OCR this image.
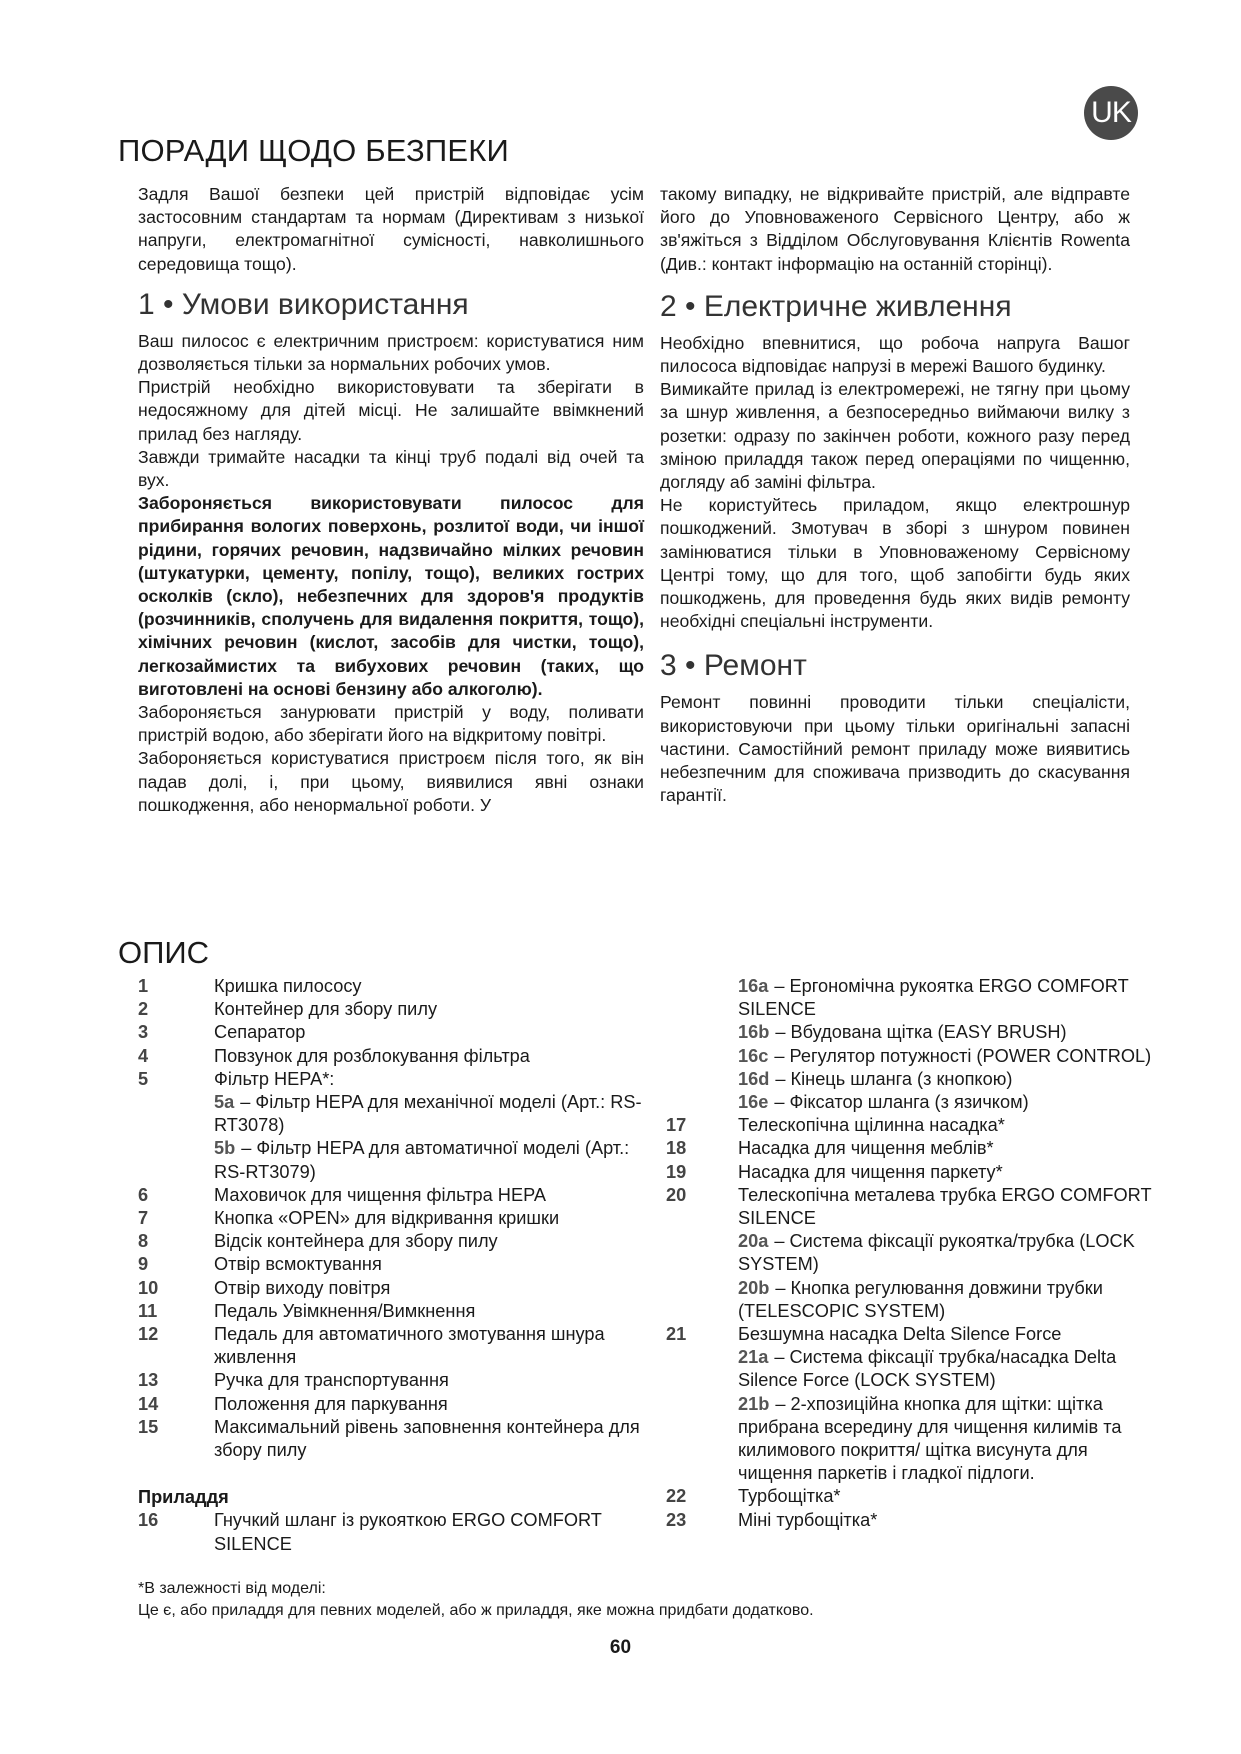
UK
ПОРАДИ ЩОДО БЕЗПЕКИ

Задля Вашої безпеки цей пристрій відповідає усім застосовним стандартам та нормам (Директивам з низької напруги, електромагнітної сумісності, навколишнього середовища тощо).

1 • Умови використання

Ваш пилосос є електричним пристроєм: користуватися ним дозволяється тільки за нормальних робочих умов.

Пристрій необхідно використовувати та зберігати в недосяжному для дітей місці. Не залишайте ввімкнений прилад без нагляду.

Завжди тримайте насадки та кінці труб подалі від очей та вух.

Забороняється використовувати пилосос для прибирання вологих поверхонь, розлитої води, чи іншої рідини, горячих речовин, надзвичайно мілких речовин (штукатурки, цементу, попілу, тощо), великих гострих осколків (скло), небезпечних для здоров'я продуктів (розчинників, сполучень для видалення покриття, тощо), хімічних речовин (кислот, засобів для чистки, тощо), легкозаймистих та вибухових речовин (таких, що виготовлені на основі бензину або алкоголю).

Забороняється занурювати пристрій у воду, поливати пристрій водою, або зберігати його на відкритому повітрі.

Забороняється користуватися пристроєм після того, як він падав долі, і, при цьому, виявилися явні ознаки пошкодження, або ненормальної роботи. У

такому випадку, не відкривайте пристрій, але відправте його до Уповноваженого Сервісного Центру, або ж зв'яжіться з Відділом Обслуговування Клієнтів Rowenta (Див.: контакт інформацію на останній сторінці).

2 • Електричне живлення

Необхідно впевнитися, що робоча напруга Вашог пилососа відповідає напрузі в мережі Вашого будинку.

Вимикайте прилад із електромережі, не тягну при цьому за шнур живлення, а безпосередньо виймаючи вилку з розетки: одразу по закінчен роботи, кожного разу перед зміною приладдя також перед операціями по чищенню, догляду аб заміні фільтра.

Не користуйтесь приладом, якщо електрошнур пошкоджений. Змотувач в зборі з шнуром повинен замінюватися тільки в Уповноваженому Сервісному Центрі тому, що для того, щоб запобігти будь яких пошкоджень, для проведення будь яких видів ремонту необхідні спеціальні інструменти.

3 • Ремонт

Ремонт повинні проводити тільки спеціалісти, використовуючи при цьому тільки оригінальні запасні частини. Самостійний ремонт приладу може виявитись небезпечним для споживача призводить до скасування гарантії.

ОПИС
1	Кришка пилососу
2	Контейнер для збору пилу
3	Сепаратор
4	Повзунок для розблокування фільтра
5	Фільтр HEPA*:
5a – Фільтр HEPA для механічної моделі (Арт.: RS-RT3078)
5b – Фільтр HEPA для автоматичної моделі (Арт.: RS-RT3079)
6	Маховичок для чищення фільтра HEPA
7	Кнопка «OPEN» для відкривання кришки
8	Відсік контейнера для збору пилу
9	Отвір всмоктування
10	Отвір виходу повітря
11	Педаль Увімкнення/Вимкнення
12	Педаль для автоматичного змотування шнура живлення
13	Ручка для транспортування
14	Положення для паркування
15	Максимальний рівень заповнення контейнера для збору пилу
Приладдя
16	Гнучкий шланг із рукояткою ERGO COMFORT SILENCE
16a – Ергономічна рукоятка ERGO COMFORT SILENCE
16b – Вбудована щітка (EASY BRUSH)
16c – Регулятор потужності (POWER CONTROL)
16d – Кінець шланга (з кнопкою)
16e – Фіксатор шланга (з язичком)
17	Телескопічна щілинна насадка*
18	Насадка для чищення меблів*
19	Насадка для чищення паркету*
20	Телескопічна металева трубка ERGO COMFORT SILENCE
20a – Система фіксації рукоятка/трубка (LOCK SYSTEM)
20b – Кнопка регулювання довжини трубки (TELESCOPIC SYSTEM)
21	Безшумна насадка Delta Silence Force
21a – Система фіксації трубка/насадка Delta Silence Force (LOCK SYSTEM)
21b – 2-хпозиційна кнопка для щітки: щітка прибрана всередину для чищення килимів та килимового покриття/ щітка висунута для чищення паркетів і гладкої підлоги.
22	Турбощітка*
23	Міні турбощітка*
*В залежності від моделі:
Це є, або приладдя для певних моделей, або ж приладдя, яке можна придбати додатково.
60
